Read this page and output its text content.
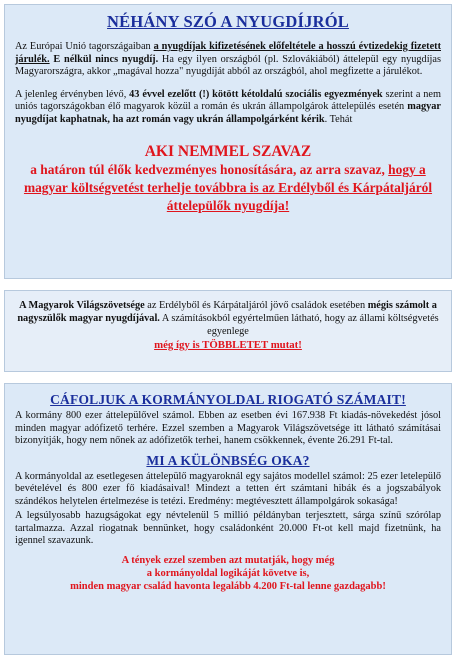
NÉHÁNY SZÓ A NYUGDÍJRÓL
Az Európai Unió tagországaiban a nyugdíjak kifizetésének előfeltétele a hosszú évtizedekig fizetett járulék. E nélkül nincs nyugdíj. Ha egy ilyen országból (pl. Szlovákiából) áttelepül egy nyugdíjas Magyarországra, akkor „magával hozza" nyugdíját abból az országból, ahol megfizette a járulékot.
A jelenleg érvényben lévő, 43 évvel ezelőtt (!) kötött kétoldalú szociális egyezmények szerint a nem uniós tagországokban élő magyarok közül a román és ukrán állampolgárok áttelepülés esetén magyar nyugdíjat kaphatnak, ha azt román vagy ukrán állampolgárként kérik. Tehát
AKI NEMMEL SZAVAZ
a határon túl élők kedvezményes honosítására, az arra szavaz, hogy a magyar költségvetést terhelje továbbra is az Erdélyből és Kárpátaljáról áttelepülők nyugdíja!
A Magyarok Világszövetsége az Erdélyből és Kárpátaljáról jövő családok esetében mégis számolt a nagyszülők magyar nyugdíjával. A számításokból egyértelműen látható, hogy az állami költségvetés egyenlege
még így is TÖBBLETET mutat!
CÁFOLJUK A KORMÁNYOLDAL RIOGATÓ SZÁMAIT!
A kormány 800 ezer áttelepülővel számol. Ebben az esetben évi 167.938 Ft kiadás-növekedést jósol minden magyar adófizető terhére. Ezzel szemben a Magyarok Világszövetsége itt látható számításai bizonyítják, hogy nem nőnek az adófizetők terhei, hanem csökkennek, évente 26.291 Ft-tal.
MI A KÜLÖNBSÉG OKA?
A kormányoldal az esetlegesen áttelepülő magyaroknál egy sajátos modellel számol: 25 ezer letelepülő bevételével és 800 ezer fő kiadásaival! Mindezt a tetten ért számtani hibák és a jogszabályok szándékos helytelen értelmezése is tetézi. Eredmény: megtévesztett állampolgárok sokasága!
A legsúlyosabb hazugságokat egy névtelenül 5 millió példányban terjesztett, sárga színű szórólap tartalmazza. Azzal riogatnak bennünket, hogy családonként 20.000 Ft-ot kell majd fizetnünk, ha igennel szavazunk.
A tények ezzel szemben azt mutatják, hogy még
a kormányoldal logikáját követve is,
minden magyar család havonta legalább 4.200 Ft-tal lenne gazdagabb!
